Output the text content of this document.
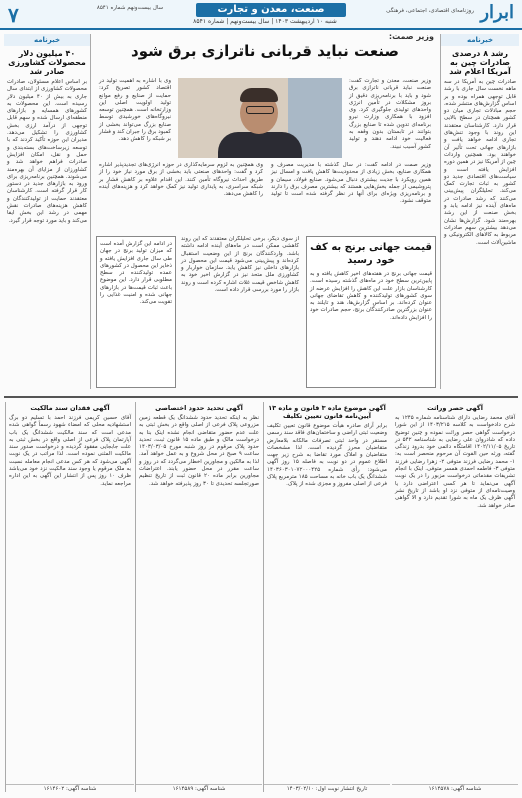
۷	سال بیست‌ونهم شماره ۸۵۴۱	صنعت، معدن و تجارت
شنبه ۱۰ اردیبهشت ۱۴۰۳ | سال بیست‌ونهم | شماره ۸۵۴۱
روزنامه‌ای اقتصادی، اجتماعی، فرهنگی ابرار
خبرنامه
رشد ۸ درصدی صادرات چین به آمریکا اعلام شد
صادرات چین به آمریکا در سه ماهه نخست سال جاری با رشد قابل توجهی همراه بوده و بر اساس گزارش‌های منتشر شده، حجم مبادلات تجاری میان دو کشور همچنان در سطح بالایی قرار دارد. کارشناسان معتقدند این روند با وجود تنش‌های تجاری ادامه خواهد یافت و بازارهای جهانی تحت تأثیر آن خواهند بود. همچنین واردات چین از آمریکا نیز در همین دوره افزایش یافته است و سیاست‌های اقتصادی جدید دو کشور به ثبات تجارت کمک می‌کند. تحلیلگران پیش‌بینی می‌کنند که رشد صادرات در ماه‌های آینده نیز ادامه یابد و بخش صنعت از این رشد بهره‌مند شود. گزارش‌ها نشان می‌دهد بیشترین سهم صادرات مربوط به کالاهای الکترونیکی و ماشین‌آلات است.
خبرنامه
۴۰ میلیون دلار محصولات کشاورزی صادر شد
بر اساس اعلام مسئولان، صادرات محصولات کشاورزی از ابتدای سال جاری به بیش از ۴۰ میلیون دلار رسیده است. این محصولات به کشورهای همسایه و بازارهای منطقه‌ای ارسال شده و سهم قابل توجهی از درآمد ارزی بخش کشاورزی را تشکیل می‌دهد. مدیران این حوزه تأکید کردند که با توسعه زیرساخت‌های بسته‌بندی و حمل و نقل، امکان افزایش صادرات فراهم خواهد شد و کشاورزان از مزایای آن بهره‌مند می‌شوند. همچنین برنامه‌ریزی برای ورود به بازارهای جدید در دستور کار قرار گرفته است. کارشناسان معتقدند حمایت از تولیدکنندگان و کاهش هزینه‌های صادرات نقش مهمی در رشد این بخش ایفا می‌کند و باید مورد توجه قرار گیرد.
وزیر صمت:
صنعت نباید قربانی ناترازی برق شود
وزیر صنعت، معدن و تجارت گفت: صنعت نباید قربانی ناترازی برق شود و باید با برنامه‌ریزی دقیق از بروز مشکلات در تأمین انرژی واحدهای تولیدی جلوگیری کرد. وی افزود با همکاری وزارت نیرو برنامه‌ای تدوین شده تا صنایع بزرگ بتوانند در تابستان بدون وقفه به فعالیت خود ادامه دهند و تولید کشور آسیب نبیند.
وی با اشاره به اهمیت تولید در اقتصاد کشور تصریح کرد: حمایت از صنایع و رفع موانع تولید اولویت اصلی این وزارتخانه است. همچنین توسعه نیروگاه‌های خورشیدی توسط صنایع بزرگ می‌تواند بخشی از کمبود برق را جبران کند و فشار بر شبکه را کاهش دهد.
وزیر صمت در ادامه گفت: در سال گذشته با مدیریت مصرف و همکاری صنایع، بخش زیادی از محدودیت‌ها کاهش یافت و امسال نیز همین رویکرد با جدیت بیشتری دنبال می‌شود. صنایع فولاد، سیمان و پتروشیمی از جمله بخش‌هایی هستند که بیشترین مصرف برق را دارند و برنامه‌ریزی ویژه‌ای برای آنها در نظر گرفته شده است تا تولید متوقف نشود.
وی همچنین به لزوم سرمایه‌گذاری در حوزه انرژی‌های تجدیدپذیر اشاره کرد و گفت: واحدهای صنعتی باید بخشی از برق مورد نیاز خود را از طریق احداث نیروگاه تأمین کنند. این اقدام علاوه بر کاهش فشار بر شبکه سراسری، به پایداری تولید نیز کمک خواهد کرد و هزینه‌های آینده را کاهش می‌دهد.
قیمت جهانی برنج به کف خود رسید
قیمت جهانی برنج در هفته‌های اخیر کاهش یافته و به پایین‌ترین سطح خود در ماه‌های گذشته رسیده است. کارشناسان بازار علت این کاهش را افزایش عرضه از سوی کشورهای تولیدکننده و کاهش تقاضای جهانی عنوان کرده‌اند. بر اساس گزارش‌ها، هند و تایلند به عنوان بزرگترین صادرکنندگان برنج، حجم صادرات خود را افزایش داده‌اند.
از سوی دیگر، برخی تحلیلگران معتقدند که این روند کاهشی ممکن است در ماه‌های آینده ادامه داشته باشد. واردکنندگان برنج از این وضعیت استقبال کرده‌اند و پیش‌بینی می‌شود قیمت این محصول در بازارهای داخلی نیز کاهش یابد. سازمان خواربار و کشاورزی ملل متحد نیز در گزارش اخیر خود به کاهش شاخص قیمت غلات اشاره کرده است و روند بازار را مورد بررسی قرار داده است.
در ادامه این گزارش آمده است که میزان تولید برنج در جهان طی سال جاری افزایش یافته و ذخایر این محصول در کشورهای عمده تولیدکننده در سطح مطلوبی قرار دارد. این موضوع باعث ثبات قیمت‌ها در بازارهای جهانی شده و امنیت غذایی را تقویت می‌کند.
آگهی حصر وراثت
آقای محمد رضایی دارای شناسنامه شماره ۱۲۴۵ به شرح دادخواست به کلاسه ۱۴۰۳/۲۱۵ از این شورا درخواست گواهی حصر وراثت نموده و چنین توضیح داده که شادروان علی رضایی به شناسنامه ۵۴۲ در تاریخ ۱۴۰۲/۱۱/۰۵ اقامتگاه دائمی خود بدرود زندگی گفته، ورثه حین الفوت آن مرحوم منحصر است به: ۱- محمد رضایی فرزند متوفی ۲- زهرا رضایی فرزند متوفی ۳- فاطمه احمدی همسر متوفی. اینک با انجام تشریفات مقدماتی درخواست مزبور را در یک نوبت آگهی می‌نماید تا هر کسی اعتراضی دارد یا وصیت‌نامه‌ای از متوفی نزد او باشد از تاریخ نشر آگهی ظرف یک ماه به شورا تقدیم دارد و الا گواهی صادر خواهد شد.
شناسه آگهی: ۱۶۱۴۵۷۸
آگهی موضوع ماده ۳ قانون و ماده ۱۳ آیین‌نامه قانون تعیین تکلیف
برابر آرای صادره هیأت موضوع قانون تعیین تکلیف وضعیت ثبتی اراضی و ساختمان‌های فاقد سند رسمی مستقر در واحد ثبتی تصرفات مالکانه بلامعارض متقاضیان محرز گردیده است. لذا مشخصات متقاضیان و املاک مورد تقاضا به شرح زیر جهت اطلاع عموم در دو نوبت به فاصله ۱۵ روز آگهی می‌شود: رأی شماره ۱۴۰۳۶۰۳۰۱۰۷۲۰۰۰۴۲۵ ششدانگ یک باب خانه به مساحت ۱۸۵ مترمربع پلاک فرعی از اصلی مفروز و مجزی شده از پلاک.
تاریخ انتشار نوبت اول: ۱۴۰۳/۰۲/۱۰
آگهی تحدید حدود اختصاصی
نظر به اینکه تحدید حدود ششدانگ یک قطعه زمین مزروعی پلاک فرعی از اصلی واقع در بخش ثبتی به علت عدم حضور متقاضی انجام نشده اینک بنا به درخواست مالک و طبق ماده ۱۵ قانون ثبت، تحدید حدود پلاک مرقوم در روز شنبه مورخ ۱۴۰۳/۰۳/۰۵ ساعت ۹ صبح در محل شروع و به عمل خواهد آمد. لذا به مالکین و مجاورین اخطار می‌گردد که در روز و ساعت مقرر در محل حضور یابند. اعتراضات مجاورین برابر ماده ۲۰ قانون ثبت از تاریخ تنظیم صورتجلسه تحدیدی تا ۳۰ روز پذیرفته خواهد شد.
شناسه آگهی: ۱۶۱۴۵۸۹
آگهی فقدان سند مالکیت
آقای حسین کریمی فرزند احمد با تسلیم دو برگ استشهادیه محلی که امضاء شهود رسماً گواهی شده مدعی است که سند مالکیت ششدانگ یک باب آپارتمان پلاک فرعی از اصلی واقع در بخش ثبتی به علت جابجایی مفقود گردیده و درخواست صدور سند مالکیت المثنی نموده است. لذا مراتب در یک نوبت آگهی می‌شود که هر کس مدعی انجام معامله نسبت به ملک مرقوم یا وجود سند مالکیت نزد خود می‌باشد ظرف ۱۰ روز پس از انتشار این آگهی به این اداره مراجعه نماید.
شناسه آگهی: ۱۶۱۴۶۰۲
